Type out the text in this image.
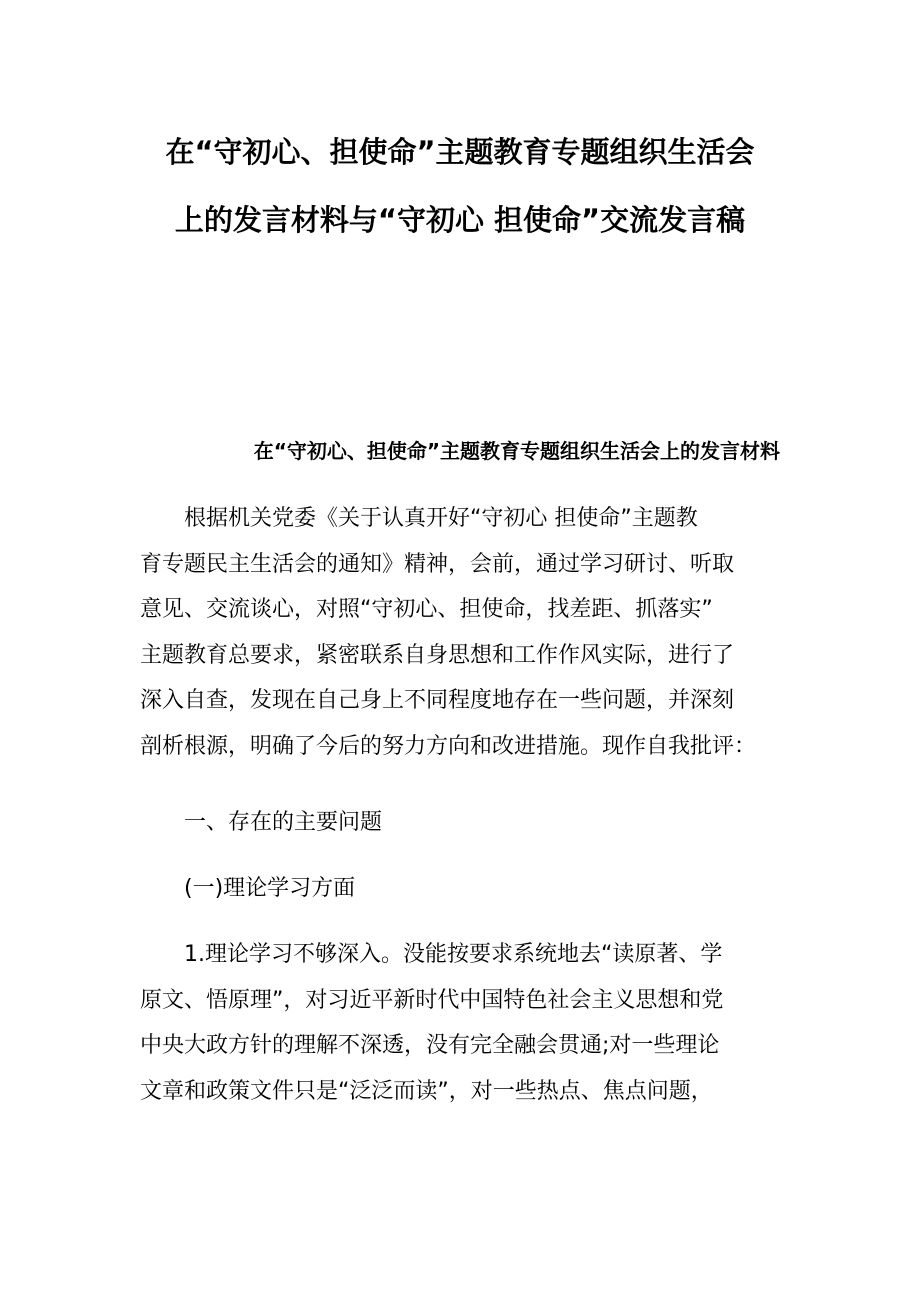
在“守初心、担使命”主题教育专题组织生活会
上的发言材料与“守初心 担使命”交流发言稿
在“守初心、担使命”主题教育专题组织生活会上的发言材料
根据机关党委《关于认真开好“守初心 担使命”主题教
育专题民主生活会的通知》精神，会前，通过学习研讨、听取
意见、交流谈心，对照“守初心、担使命，找差距、抓落实”
主题教育总要求，紧密联系自身思想和工作作风实际，进行了
深入自查，发现在自己身上不同程度地存在一些问题，并深刻
剖析根源，明确了今后的努力方向和改进措施。现作自我批评：
一、存在的主要问题
(一)理论学习方面
1.理论学习不够深入。没能按要求系统地去“读原著、学
原文、悟原理”，对习近平新时代中国特色社会主义思想和党
中央大政方针的理解不深透，没有完全融会贯通;对一些理论
文章和政策文件只是“泛泛而读”，对一些热点、焦点问题，
